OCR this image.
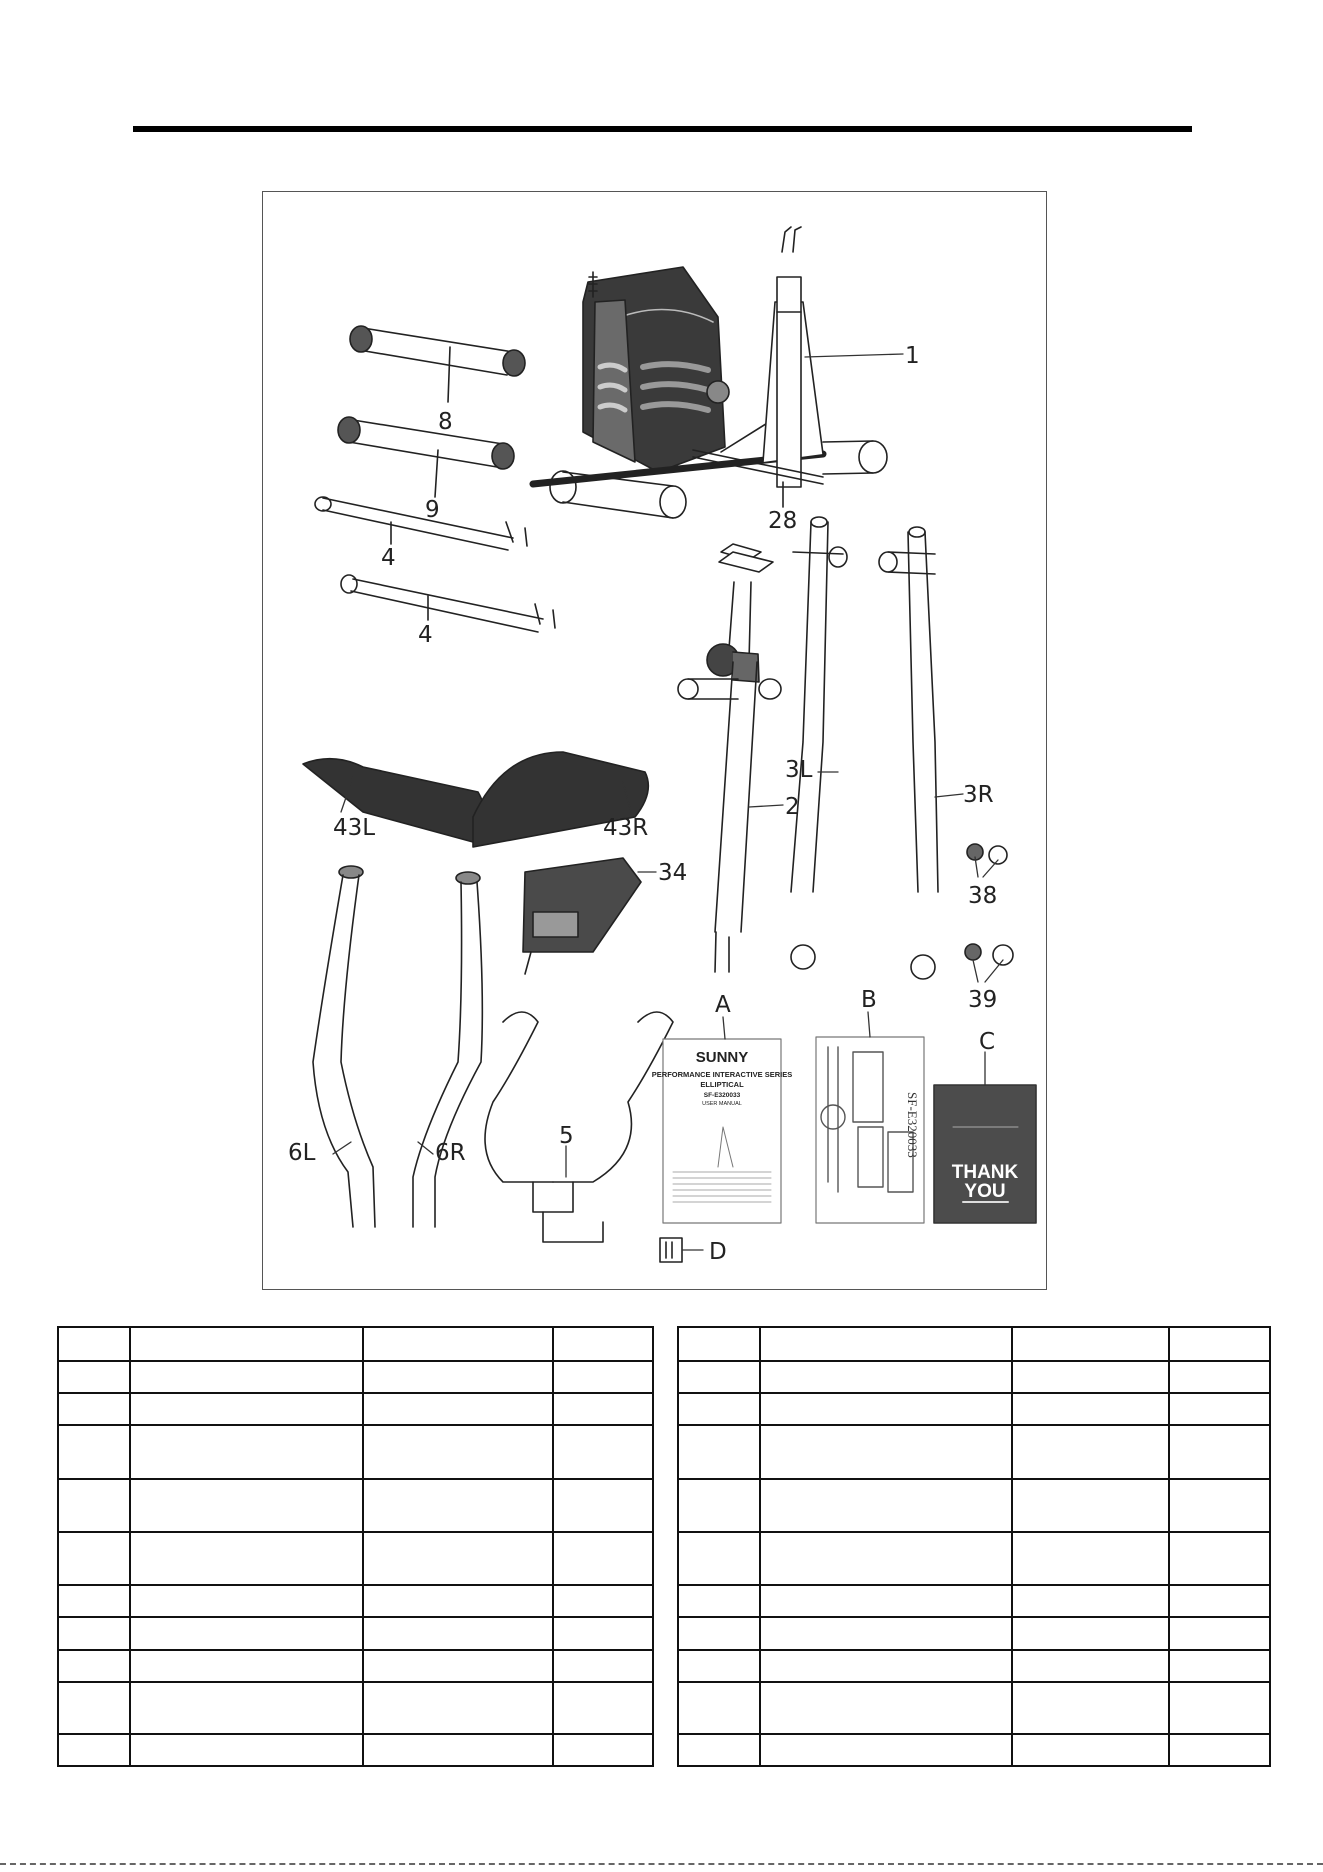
1
8
9	28
4
4
2
3L
3R
43L	43R
34
38
39
6L	6R
5
A	B
C
D
SUNNY
PERFORMANCE INTERACTIVE SERIES
ELLIPTICAL
SF-E320033
USER MANUAL	SF-E320033
THANK
YOU
